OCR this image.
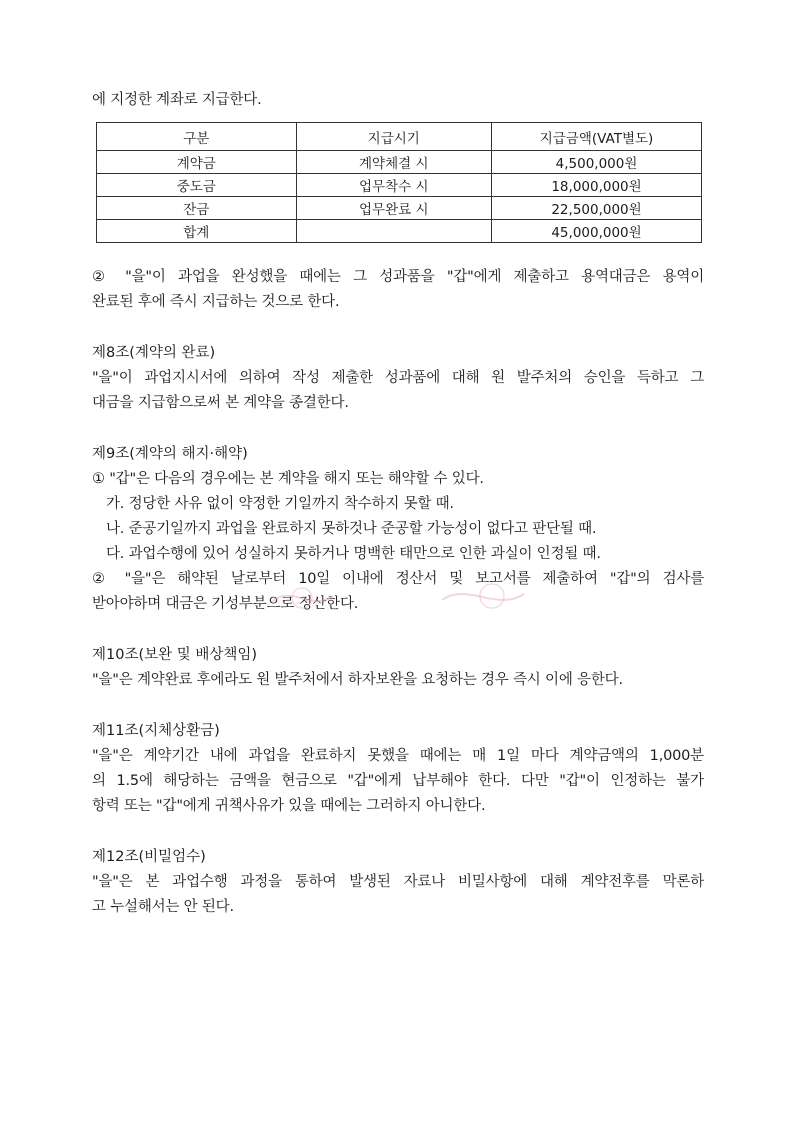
에 지정한 계좌로 지급한다.
구분	지급시기	지급금액(VAT별도)
계약금	계약체결 시	4,500,000원
중도금	업무착수 시	18,000,000원
잔금	업무완료 시	22,500,000원
합계		45,000,000원
② "을"이 과업을 완성했을 때에는 그 성과품을 "갑"에게 제출하고 용역대금은 용역이
완료된 후에 즉시 지급하는 것으로 한다.
제8조(계약의 완료)
"을"이 과업지시서에 의하여 작성 제출한 성과품에 대해 원 발주처의 승인을 득하고 그
대금을 지급함으로써 본 계약을 종결한다.
제9조(계약의 해지·해약)
① "갑"은 다음의 경우에는 본 계약을 해지 또는 해약할 수 있다.
가. 정당한 사유 없이 약정한 기일까지 착수하지 못할 때.
나. 준공기일까지 과업을 완료하지 못하것나 준공할 가능성이 없다고 판단될 때.
다. 과업수행에 있어 성실하지 못하거나 명백한 태만으로 인한 과실이 인정될 때.
② "을"은 해약된 날로부터 10일 이내에 정산서 및 보고서를 제출하여 "갑"의 검사를
받아야하며 대금은 기성부분으로 정산한다.
제10조(보완 및 배상책임)
"을"은 계약완료 후에라도 원 발주처에서 하자보완을 요청하는 경우 즉시 이에 응한다.
제11조(지체상환금)
"을"은 계약기간 내에 과업을 완료하지 못했을 때에는 매 1일 마다 계약금액의 1,000분
의 1.5에 해당하는 금액을 현금으로 "갑"에게 납부해야 한다. 다만 "갑"이 인정하는 불가
항력 또는 "갑"에게 귀책사유가 있을 때에는 그러하지 아니한다.
제12조(비밀엄수)
"을"은 본 과업수행 과정을 통하여 발생된 자료나 비밀사항에 대해 계약전후를 막론하
고 누설해서는 안 된다.
